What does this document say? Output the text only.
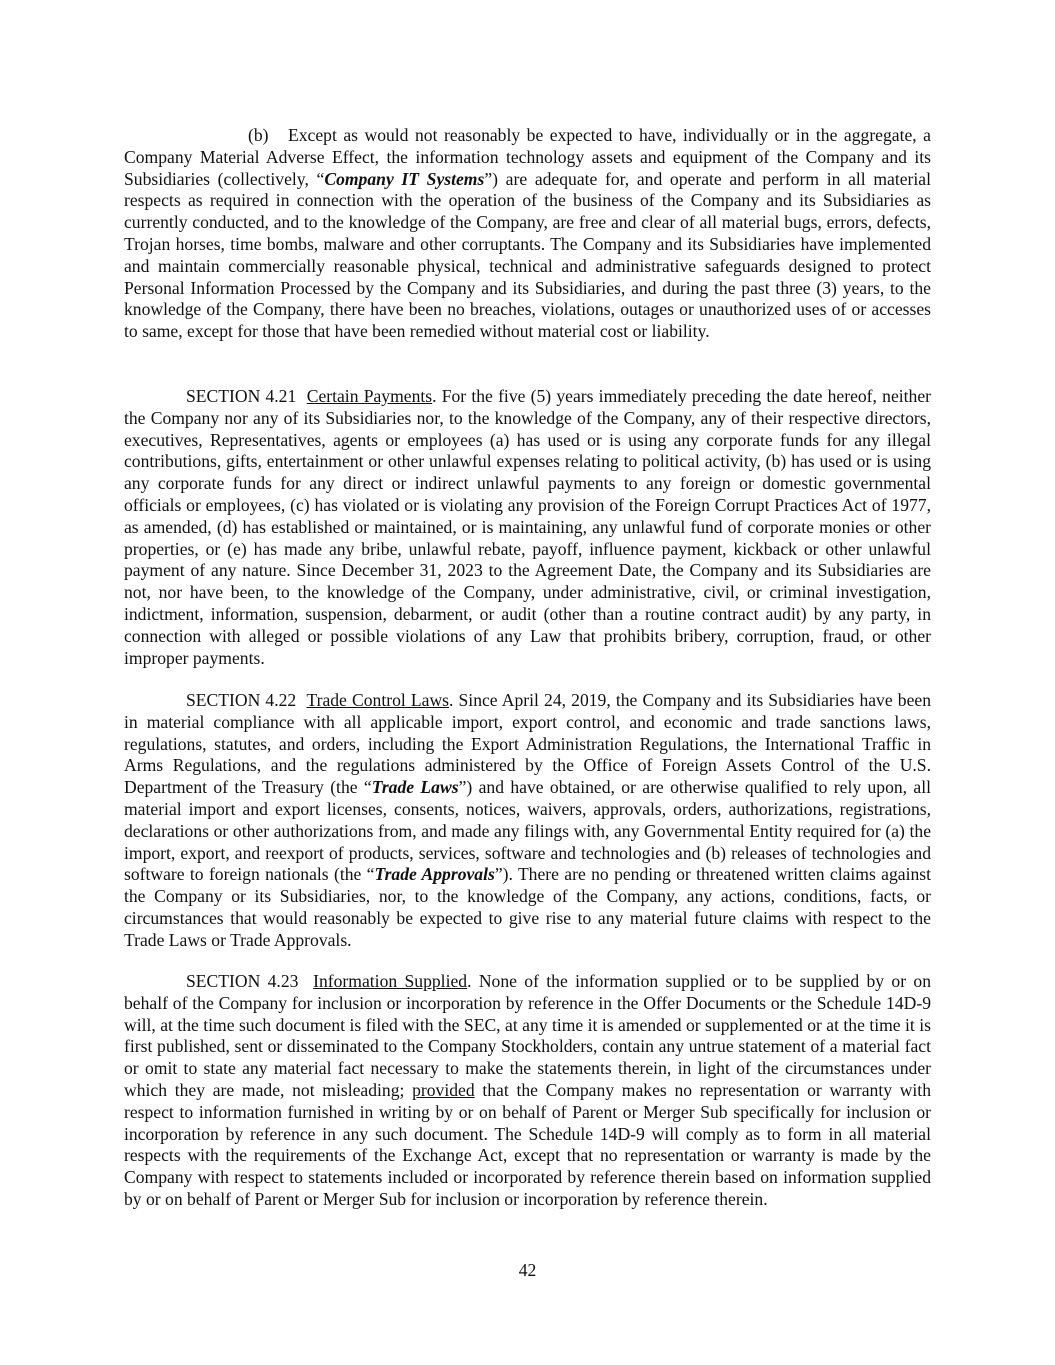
(b) Except as would not reasonably be expected to have, individually or in the aggregate, a Company Material Adverse Effect, the information technology assets and equipment of the Company and its Subsidiaries (collectively, “Company IT Systems”) are adequate for, and operate and perform in all material respects as required in connection with the operation of the business of the Company and its Subsidiaries as currently conducted, and to the knowledge of the Company, are free and clear of all material bugs, errors, defects, Trojan horses, time bombs, malware and other corruptants. The Company and its Subsidiaries have implemented and maintain commercially reasonable physical, technical and administrative safeguards designed to protect Personal Information Processed by the Company and its Subsidiaries, and during the past three (3) years, to the knowledge of the Company, there have been no breaches, violations, outages or unauthorized uses of or accesses to same, except for those that have been remedied without material cost or liability.

SECTION 4.21 Certain Payments. For the five (5) years immediately preceding the date hereof, neither the Company nor any of its Subsidiaries nor, to the knowledge of the Company, any of their respective directors, executives, Representatives, agents or employees (a) has used or is using any corporate funds for any illegal contributions, gifts, entertainment or other unlawful expenses relating to political activity, (b) has used or is using any corporate funds for any direct or indirect unlawful payments to any foreign or domestic governmental officials or employees, (c) has violated or is violating any provision of the Foreign Corrupt Practices Act of 1977, as amended, (d) has established or maintained, or is maintaining, any unlawful fund of corporate monies or other properties, or (e) has made any bribe, unlawful rebate, payoff, influence payment, kickback or other unlawful payment of any nature. Since December 31, 2023 to the Agreement Date, the Company and its Subsidiaries are not, nor have been, to the knowledge of the Company, under administrative, civil, or criminal investigation, indictment, information, suspension, debarment, or audit (other than a routine contract audit) by any party, in connection with alleged or possible violations of any Law that prohibits bribery, corruption, fraud, or other improper payments.

SECTION 4.22 Trade Control Laws. Since April 24, 2019, the Company and its Subsidiaries have been in material compliance with all applicable import, export control, and economic and trade sanctions laws, regulations, statutes, and orders, including the Export Administration Regulations, the International Traffic in Arms Regulations, and the regulations administered by the Office of Foreign Assets Control of the U.S. Department of the Treasury (the “Trade Laws”) and have obtained, or are otherwise qualified to rely upon, all material import and export licenses, consents, notices, waivers, approvals, orders, authorizations, registrations, declarations or other authorizations from, and made any filings with, any Governmental Entity required for (a) the import, export, and reexport of products, services, software and technologies and (b) releases of technologies and software to foreign nationals (the “Trade Approvals”). There are no pending or threatened written claims against the Company or its Subsidiaries, nor, to the knowledge of the Company, any actions, conditions, facts, or circumstances that would reasonably be expected to give rise to any material future claims with respect to the Trade Laws or Trade Approvals.

SECTION 4.23 Information Supplied. None of the information supplied or to be supplied by or on behalf of the Company for inclusion or incorporation by reference in the Offer Documents or the Schedule 14D-9 will, at the time such document is filed with the SEC, at any time it is amended or supplemented or at the time it is first published, sent or disseminated to the Company Stockholders, contain any untrue statement of a material fact or omit to state any material fact necessary to make the statements therein, in light of the circumstances under which they are made, not misleading; provided that the Company makes no representation or warranty with respect to information furnished in writing by or on behalf of Parent or Merger Sub specifically for inclusion or incorporation by reference in any such document. The Schedule 14D-9 will comply as to form in all material respects with the requirements of the Exchange Act, except that no representation or warranty is made by the Company with respect to statements included or incorporated by reference therein based on information supplied by or on behalf of Parent or Merger Sub for inclusion or incorporation by reference therein.

42
